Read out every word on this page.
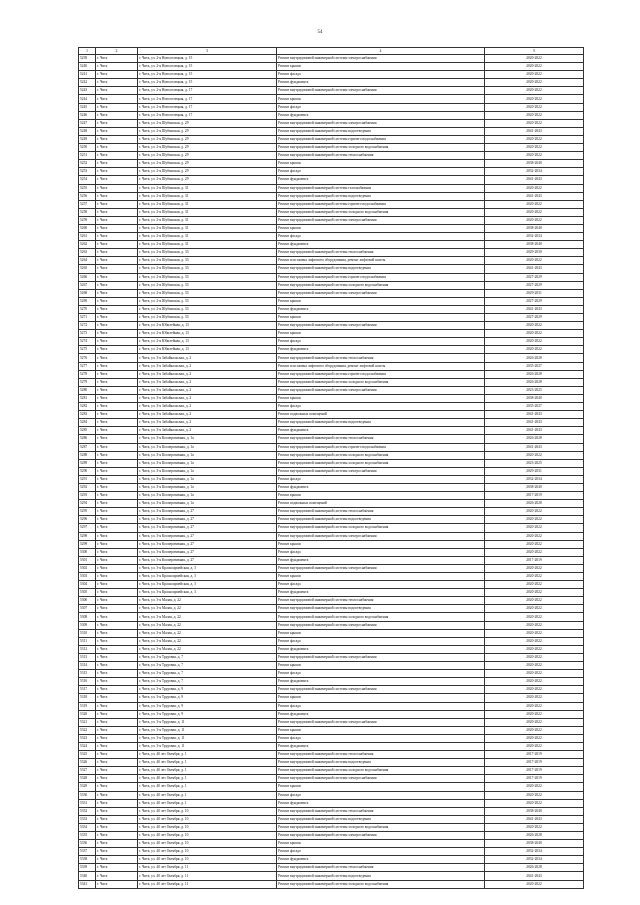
54
1	2	3	4	5
5239	г. Чита	г. Чита, ул. 2-я Новоселецкая, д. 15	Ремонт внутридомовой инженерной системы электроснабжения	2020-2022
5240	г. Чита	г. Чита, ул. 2-я Новоселецкая, д. 15	Ремонт крыши	2020-2022
5241	г. Чита	г. Чита, ул. 2-я Новоселецкая, д. 15	Ремонт фасада	2020-2022
5242	г. Чита	г. Чита, ул. 2-я Новоселецкая, д. 15	Ремонт фундамента	2020-2022
5243	г. Чита	г. Чита, ул. 2-я Новоселецкая, д. 17	Ремонт внутридомовой инженерной системы электроснабжения	2020-2022
5244	г. Чита	г. Чита, ул. 2-я Новоселецкая, д. 17	Ремонт крыши	2020-2022
5245	г. Чита	г. Чита, ул. 2-я Новоселецкая, д. 17	Ремонт фасада	2020-2022
5246	г. Чита	г. Чита, ул. 2-я Новоселецкая, д. 17	Ремонт фундамента	2020-2022
5247	г. Чита	г. Чита, ул. 2-я Шубинская, д. 29	Ремонт внутридомовой инженерной системы электроснабжения	2020-2022
5248	г. Чита	г. Чита, ул. 2-я Шубинская, д. 29	Ремонт внутридомовой инженерной системы водоотведения	2041-2043
5249	г. Чита	г. Чита, ул. 2-я Шубинская, д. 29	Ремонт внутридомовой инженерной системы горячего водоснабжения	2020-2022
5250	г. Чита	г. Чита, ул. 2-я Шубинская, д. 29	Ремонт внутридомовой инженерной системы холодного водоснабжения	2020-2022
5251	г. Чита	г. Чита, ул. 2-я Шубинская, д. 29	Ремонт внутридомовой инженерной системы теплоснабжения	2020-2022
5252	г. Чита	г. Чита, ул. 2-я Шубинская, д. 29	Ремонт крыши	2038-2040
5253	г. Чита	г. Чита, ул. 2-я Шубинская, д. 29	Ремонт фасада	2032-2034
5254	г. Чита	г. Чита, ул. 2-я Шубинская, д. 29	Ремонт фундамента	2041-2043
5255	г. Чита	г. Чита, ул. 2-я Шубинская, д. 31	Ремонт внутридомовой инженерной системы газоснабжения	2020-2022
5256	г. Чита	г. Чита, ул. 2-я Шубинская, д. 31	Ремонт внутридомовой инженерной системы водоотведения	2041-2043
5257	г. Чита	г. Чита, ул. 2-я Шубинская, д. 31	Ремонт внутридомовой инженерной системы горячего водоснабжения	2020-2022
5258	г. Чита	г. Чита, ул. 2-я Шубинская, д. 31	Ремонт внутридомовой инженерной системы холодного водоснабжения	2020-2022
5259	г. Чита	г. Чита, ул. 2-я Шубинская, д. 31	Ремонт внутридомовой инженерной системы электроснабжения	2020-2022
5260	г. Чита	г. Чита, ул. 2-я Шубинская, д. 31	Ремонт крыши	2038-2040
5261	г. Чита	г. Чита, ул. 2-я Шубинская, д. 31	Ремонт фасада	2032-2034
5262	г. Чита	г. Чита, ул. 2-я Шубинская, д. 31	Ремонт фундамента	2038-2040
5263	г. Чита	г. Чита, ул. 2-я Шубинская, д. 33	Ремонт внутридомовой инженерной системы теплоснабжения	2029-2030
5264	г. Чита	г. Чита, ул. 2-я Шубинская, д. 33	Ремонт или замена лифтового оборудования, ремонт лифтовой шахты	2020-2022
5265	г. Чита	г. Чита, ул. 2-я Шубинская, д. 33	Ремонт внутридомовой инженерной системы водоотведения	2041-2043
5266	г. Чита	г. Чита, ул. 2-я Шубинская, д. 33	Ремонт внутридомовой инженерной системы горячего водоснабжения	2027-2029
5267	г. Чита	г. Чита, ул. 2-я Шубинская, д. 33	Ремонт внутридомовой инженерной системы холодного водоснабжения	2027-2029
5268	г. Чита	г. Чита, ул. 2-я Шубинская, д. 33	Ремонт внутридомовой инженерной системы электроснабжения	2029-2031
5269	г. Чита	г. Чита, ул. 2-я Шубинская, д. 33	Ремонт крыши	2027-2029
5270	г. Чита	г. Чита, ул. 2-я Шубинская, д. 33	Ремонт фундамента	2041-2043
5271	г. Чита	г. Чита, ул. 2-я Шубинская, д. 33	Ремонт крыши	2027-2029
5272	г. Чита	г. Чита, ул. 2-я Юбилейная, д. 13	Ремонт внутридомовой инженерной системы электроснабжения	2020-2022
5273	г. Чита	г. Чита, ул. 2-я Юбилейная, д. 13	Ремонт крыши	2020-2022
5274	г. Чита	г. Чита, ул. 2-я Юбилейная, д. 13	Ремонт фасада	2020-2022
5275	г. Чита	г. Чита, ул. 2-я Юбилейная, д. 13	Ремонт фундамента	2020-2022
5276	г. Чита	г. Чита, ул. 3-я Забайкальская, д. 2	Ремонт внутридомовой инженерной системы теплоснабжения	2026-2028
5277	г. Чита	г. Чита, ул. 3-я Забайкальская, д. 2	Ремонт или замена лифтового оборудования, ремонт лифтовой шахты	2035-2037
5278	г. Чита	г. Чита, ул. 3-я Забайкальская, д. 2	Ремонт внутридомовой инженерной системы горячего водоснабжения	2026-2028
5279	г. Чита	г. Чита, ул. 3-я Забайкальская, д. 2	Ремонт внутридомовой инженерной системы холодного водоснабжения	2026-2028
5280	г. Чита	г. Чита, ул. 3-я Забайкальская, д. 2	Ремонт внутридомовой инженерной системы электроснабжения	2023-2025
5281	г. Чита	г. Чита, ул. 3-я Забайкальская, д. 2	Ремонт крыши	2038-2040
5282	г. Чита	г. Чита, ул. 3-я Забайкальская, д. 2	Ремонт фасада	2035-2037
5283	г. Чита	г. Чита, ул. 3-я Забайкальская, д. 2	Ремонт подвальных помещений	2041-2043
5284	г. Чита	г. Чита, ул. 3-я Забайкальская, д. 2	Ремонт внутридомовой инженерной системы водоотведения	2041-2043
5285	г. Чита	г. Чита, ул. 3-я Забайкальская, д. 2	Ремонт фундамента	2041-2043
5286	г. Чита	г. Чита, ул. 3-я Кооперативная, д. 1а	Ремонт внутридомовой инженерной системы теплоснабжения	2026-2028
5287	г. Чита	г. Чита, ул. 3-я Кооперативная, д. 1а	Ремонт внутридомовой инженерной системы горячего водоснабжения	2041-2043
5288	г. Чита	г. Чита, ул. 3-я Кооперативная, д. 1а	Ремонт внутридомовой инженерной системы холодного водоснабжения	2020-2022
5289	г. Чита	г. Чита, ул. 3-я Кооперативная, д. 1а	Ремонт внутридомовой инженерной системы холодного водоснабжения	2023-2025
5290	г. Чита	г. Чита, ул. 3-я Кооперативная, д. 1а	Ремонт внутридомовой инженерной системы электроснабжения	2029-2031
5291	г. Чита	г. Чита, ул. 3-я Кооперативная, д. 1а	Ремонт фасада	2032-2034
5292	г. Чита	г. Чита, ул. 3-я Кооперативная, д. 1а	Ремонт фундамента	2038-2040
5293	г. Чита	г. Чита, ул. 3-я Кооперативная, д. 1а	Ремонт крыши	2017-2019
5294	г. Чита	г. Чита, ул. 3-я Кооперативная, д. 1а	Ремонт подвальных помещений	2026-2028
5295	г. Чита	г. Чита, ул. 3-я Кооперативная, д. 27	Ремонт внутридомовой инженерной системы теплоснабжения	2020-2022
5296	г. Чита	г. Чита, ул. 3-я Кооперативная, д. 27	Ремонт внутридомовой инженерной системы водоотведения	2020-2022
5297	г. Чита	г. Чита, ул. 3-я Кооперативная, д. 27	Ремонт внутридомовой инженерной системы холодного водоснабжения	2020-2022
5298	г. Чита	г. Чита, ул. 3-я Кооперативная, д. 27	Ремонт внутридомовой инженерной системы электроснабжения	2020-2022
5299	г. Чита	г. Чита, ул. 3-я Кооперативная, д. 27	Ремонт крыши	2020-2022
5300	г. Чита	г. Чита, ул. 3-я Кооперативная, д. 27	Ремонт фасада	2020-2022
5301	г. Чита	г. Чита, ул. 3-я Кооперативная, д. 27	Ремонт фундамента	2017-2019
5302	г. Чита	г. Чита, ул. 3-я Красноармейская, д. 3	Ремонт внутридомовой инженерной системы электроснабжения	2020-2022
5303	г. Чита	г. Чита, ул. 3-я Красноармейская, д. 3	Ремонт крыши	2020-2022
5304	г. Чита	г. Чита, ул. 3-я Красноармейская, д. 3	Ремонт фасада	2020-2022
5305	г. Чита	г. Чита, ул. 3-я Красноармейская, д. 3	Ремонт фундамента	2020-2022
5306	г. Чита	г. Чита, ул. 3-я Малая, д. 22	Ремонт внутридомовой инженерной системы теплоснабжения	2020-2022
5307	г. Чита	г. Чита, ул. 3-я Малая, д. 22	Ремонт внутридомовой инженерной системы водоотведения	2020-2022
5308	г. Чита	г. Чита, ул. 3-я Малая, д. 22	Ремонт внутридомовой инженерной системы холодного водоснабжения	2020-2022
5309	г. Чита	г. Чита, ул. 3-я Малая, д. 22	Ремонт внутридомовой инженерной системы электроснабжения	2020-2022
5310	г. Чита	г. Чита, ул. 3-я Малая, д. 22	Ремонт крыши	2020-2022
5311	г. Чита	г. Чита, ул. 3-я Малая, д. 22	Ремонт фасада	2020-2022
5312	г. Чита	г. Чита, ул. 3-я Малая, д. 22	Ремонт фундамента	2020-2022
5313	г. Чита	г. Чита, ул. 3-я Трудовая, д. 7	Ремонт внутридомовой инженерной системы электроснабжения	2020-2022
5314	г. Чита	г. Чита, ул. 3-я Трудовая, д. 7	Ремонт крыши	2020-2022
5315	г. Чита	г. Чита, ул. 3-я Трудовая, д. 7	Ремонт фасада	2020-2022
5316	г. Чита	г. Чита, ул. 3-я Трудовая, д. 7	Ремонт фундамента	2020-2022
5317	г. Чита	г. Чита, ул. 3-я Трудовая, д. 9	Ремонт внутридомовой инженерной системы электроснабжения	2020-2022
5318	г. Чита	г. Чита, ул. 3-я Трудовая, д. 9	Ремонт крыши	2020-2022
5319	г. Чита	г. Чита, ул. 3-я Трудовая, д. 9	Ремонт фасада	2020-2022
5320	г. Чита	г. Чита, ул. 3-я Трудовая, д. 9	Ремонт фундамента	2020-2022
5321	г. Чита	г. Чита, ул. 3-я Трудовая, д. 11	Ремонт внутридомовой инженерной системы электроснабжения	2020-2022
5322	г. Чита	г. Чита, ул. 3-я Трудовая, д. 11	Ремонт крыши	2020-2022
5323	г. Чита	г. Чита, ул. 3-я Трудовая, д. 11	Ремонт фасада	2020-2022
5324	г. Чита	г. Чита, ул. 3-я Трудовая, д. 11	Ремонт фундамента	2020-2022
5325	г. Чита	г. Чита, ул. 40 лет Октября, д. 1	Ремонт внутридомовой инженерной системы теплоснабжения	2017-2019
5326	г. Чита	г. Чита, ул. 40 лет Октября, д. 1	Ремонт внутридомовой инженерной системы водоотведения	2017-2019
5327	г. Чита	г. Чита, ул. 40 лет Октября, д. 1	Ремонт внутридомовой инженерной системы холодного водоснабжения	2017-2019
5328	г. Чита	г. Чита, ул. 40 лет Октября, д. 1	Ремонт внутридомовой инженерной системы электроснабжения	2017-2019
5329	г. Чита	г. Чита, ул. 40 лет Октября, д. 1	Ремонт крыши	2020-2022
5330	г. Чита	г. Чита, ул. 40 лет Октября, д. 1	Ремонт фасада	2020-2022
5331	г. Чита	г. Чита, ул. 40 лет Октября, д. 1	Ремонт фундамента	2020-2022
5332	г. Чита	г. Чита, ул. 40 лет Октября, д. 10	Ремонт внутридомовой инженерной системы теплоснабжения	2038-2040
5333	г. Чита	г. Чита, ул. 40 лет Октября, д. 10	Ремонт внутридомовой инженерной системы водоотведения	2041-2043
5334	г. Чита	г. Чита, ул. 40 лет Октября, д. 10	Ремонт внутридомовой инженерной системы холодного водоснабжения	2020-2022
5335	г. Чита	г. Чита, ул. 40 лет Октября, д. 10	Ремонт внутридомовой инженерной системы электроснабжения	2026-2028
5336	г. Чита	г. Чита, ул. 40 лет Октября, д. 10	Ремонт крыши	2038-2040
5337	г. Чита	г. Чита, ул. 40 лет Октября, д. 10	Ремонт фасада	2032-2034
5338	г. Чита	г. Чита, ул. 40 лет Октября, д. 10	Ремонт фундамента	2032-2034
5339	г. Чита	г. Чита, ул. 40 лет Октября, д. 11	Ремонт внутридомовой инженерной системы теплоснабжения	2026-2028
5340	г. Чита	г. Чита, ул. 40 лет Октября, д. 11	Ремонт внутридомовой инженерной системы водоотведения	2041-2043
5341	г. Чита	г. Чита, ул. 40 лет Октября, д. 11	Ремонт внутридомовой инженерной системы холодного водоснабжения	2020-2022
